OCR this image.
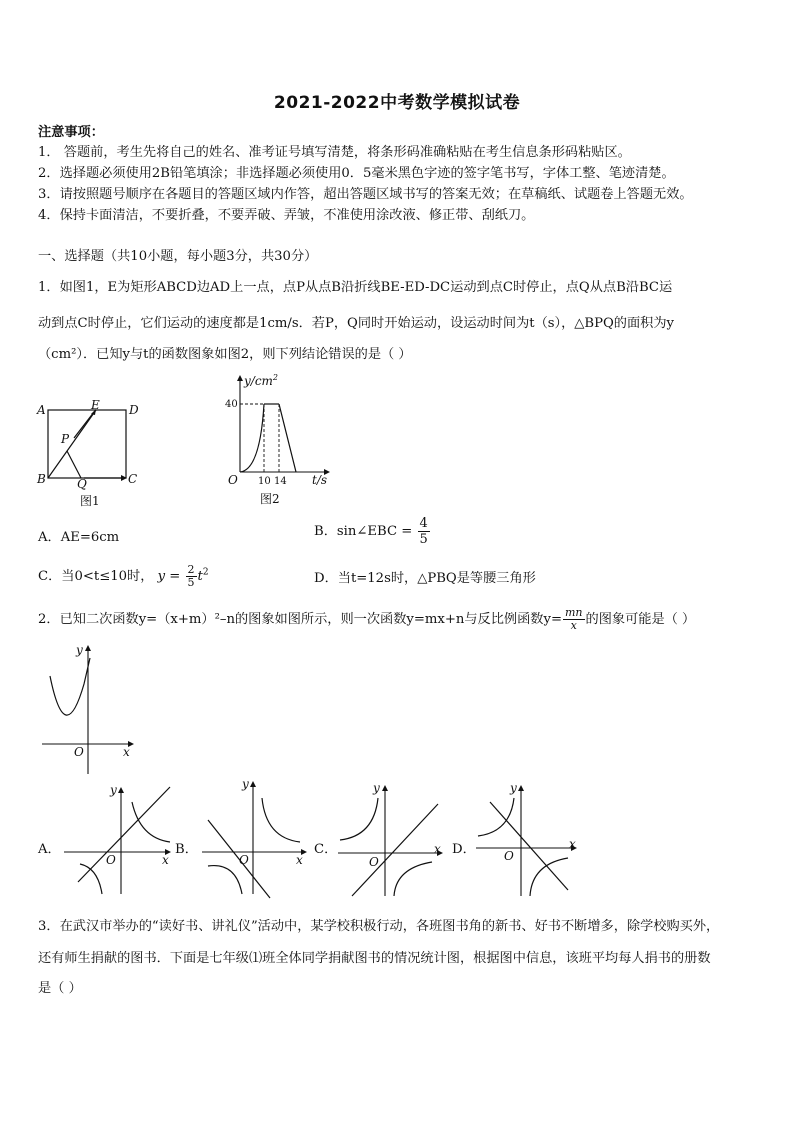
2021-2022中考数学模拟试卷
注意事项：
1． 答题前，考生先将自己的姓名、准考证号填写清楚，将条形码准确粘贴在考生信息条形码粘贴区。
2．选择题必须使用2B铅笔填涂；非选择题必须使用0．5毫米黑色字迹的签字笔书写，字体工整、笔迹清楚。
3．请按照题号顺序在各题目的答题区域内作答，超出答题区域书写的答案无效；在草稿纸、试题卷上答题无效。
4．保持卡面清洁，不要折叠，不要弄破、弄皱，不准使用涂改液、修正带、刮纸刀。
一、选择题（共10小题，每小题3分，共30分）
1．如图1，E为矩形ABCD边AD上一点，点P从点B沿折线BE-ED-DC运动到点C时停止，点Q从点B沿BC运
动到点C时停止，它们运动的速度都是1cm/s．若P，Q同时开始运动，设运动时间为t（s），△BPQ的面积为y
（cm²）．已知y与t的函数图象如图2，则下列结论错误的是（ ）
A	E D
P
B	Q	C
图1
$y/cm^2$
40
O 10 14 t/s
图2
A．AE=6cm	B．sin∠EBC = $\frac{4}{5}$
C．当0<t≤10时， $y = \frac{2}{5} t^2$	D．当t=12s时，△PBQ是等腰三角形
2．已知二次函数y=（x+m）²–n的图象如图所示，则一次函数y=mx+n与反比例函数$y= \frac{mn}{x}$ 的图象可能是（ ）
y
O	x
A．
y
O	x
B．
y
O	x
C．
y
O
x D．
y
O
x
3．在武汉市举办的“读好书、讲礼仪”活动中，某学校积极行动，各班图书角的新书、好书不断增多，除学校购买外，
还有师生捐献的图书．下面是七年级⑴班全体同学捐献图书的情况统计图，根据图中信息，该班平均每人捐书的册数
是（ ）
